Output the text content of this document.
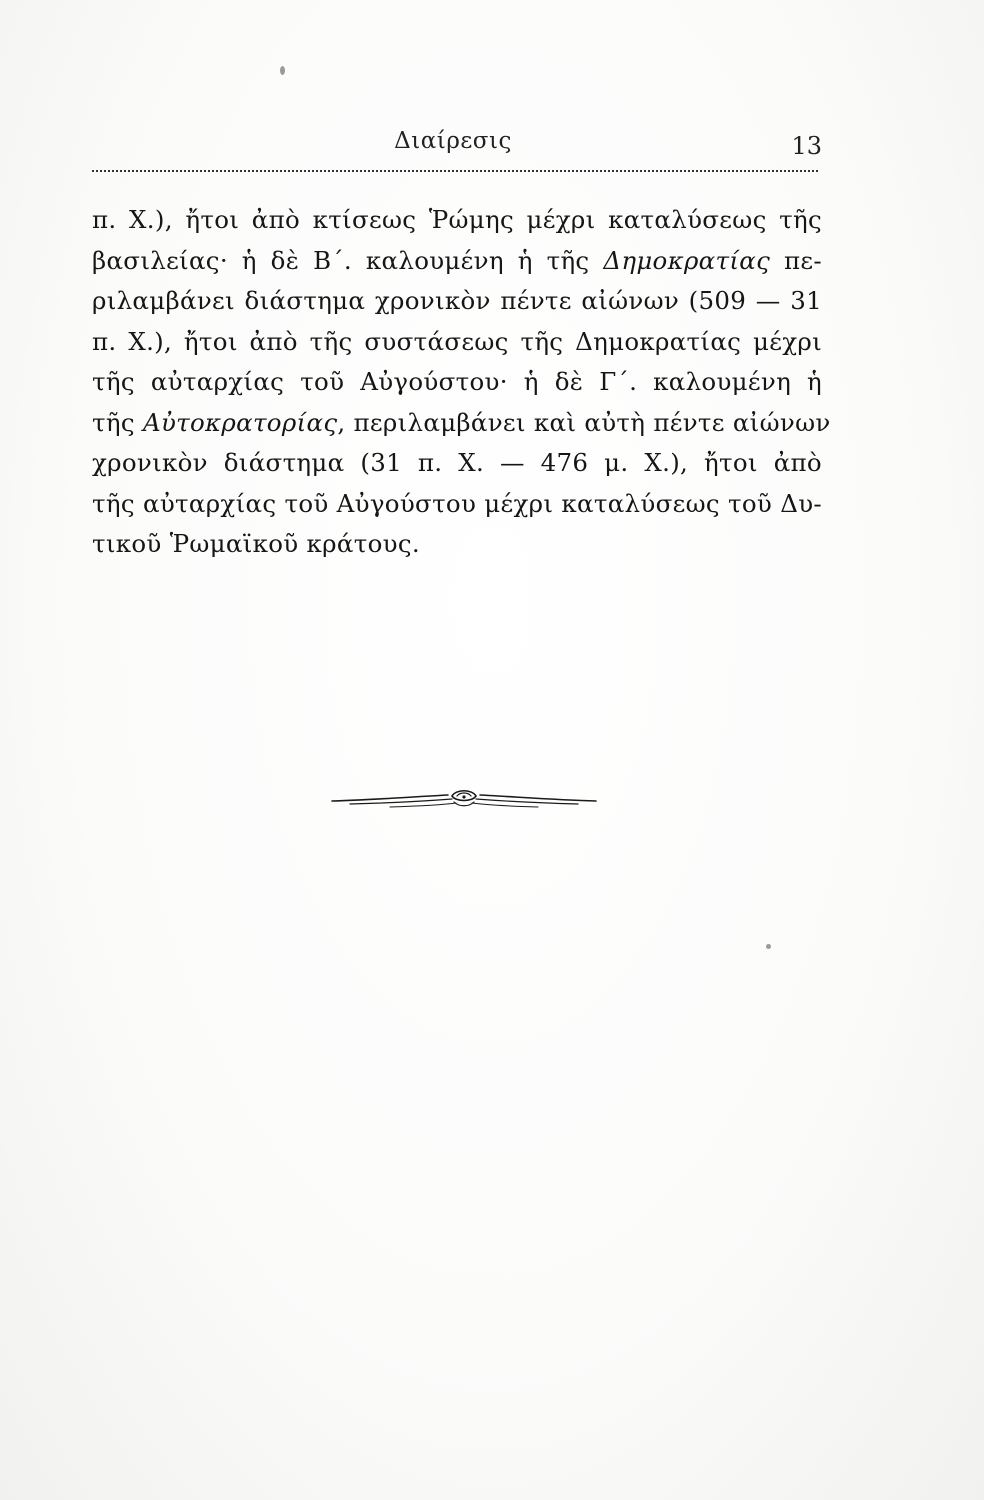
Διαίρεσις	13
π. Χ.), ἤτοι ἀπὸ κτίσεως Ῥώμης μέχρι καταλύσεως τῆς
βασιλείας· ἡ δὲ Β΄. καλουμένη ἡ τῆς Δημοκρατίας πε-
ριλαμβάνει διάστημα χρονικὸν πέντε αἰώνων (509 — 31
π. Χ.), ἤτοι ἀπὸ τῆς συστάσεως τῆς Δημοκρατίας μέχρι
τῆς αὐταρχίας τοῦ Αὐγούστου· ἡ δὲ Γ΄. καλουμένη ἡ
τῆς Αὐτοκρατορίας, περιλαμβάνει καὶ αὐτὴ πέντε αἰώνων
χρονικὸν διάστημα (31 π. Χ. — 476 μ. Χ.), ἤτοι ἀπὸ
τῆς αὐταρχίας τοῦ Αὐγούστου μέχρι καταλύσεως τοῦ Δυ-
τικοῦ Ῥωμαϊκοῦ κράτους.
